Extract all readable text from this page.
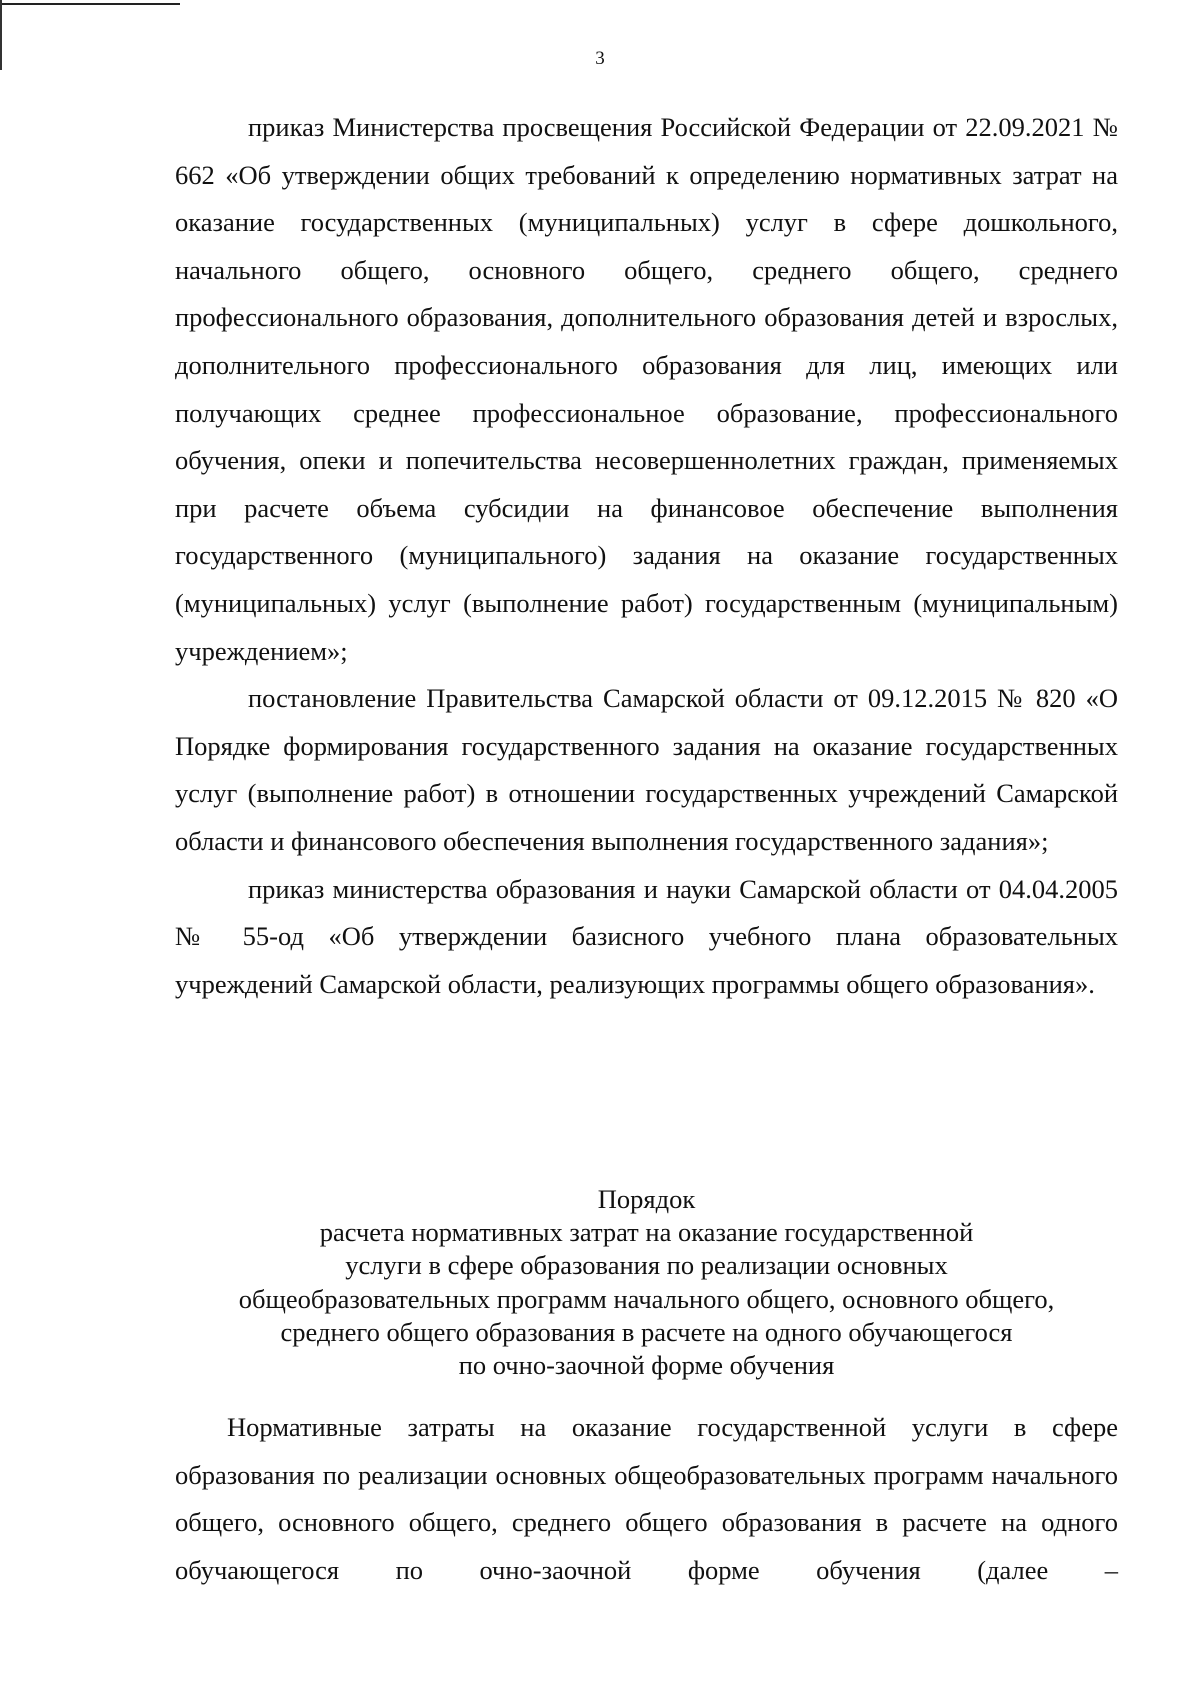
3

приказ Министерства просвещения Российской Федерации от 22.09.2021 № 662 «Об утверждении общих требований к определению нормативных затрат на оказание государственных (муниципальных) услуг в сфере дошкольного, начального общего, основного общего, среднего общего, среднего профессионального образования, дополнительного образования детей и взрослых, дополнительного профессионального образования для лиц, имеющих или получающих среднее профессиональное образование, профессионального обучения, опеки и попечительства несовершеннолетних граждан, применяемых при расчете объема субсидии на финансовое обеспечение выполнения государственного (муниципального) задания на оказание государственных (муниципальных) услуг (выполнение работ) государственным (муниципальным) учреждением»;

постановление Правительства Самарской области от 09.12.2015 № 820 «О Порядке формирования государственного задания на оказание государственных услуг (выполнение работ) в отношении государственных учреждений Самарской области и финансового обеспечения выполнения государственного задания»;

приказ министерства образования и науки Самарской области от 04.04.2005 № 55-од «Об утверждении базисного учебного плана образовательных учреждений Самарской области, реализующих программы общего образования».

Порядок
расчета нормативных затрат на оказание государственной
услуги в сфере образования по реализации основных
общеобразовательных программ начального общего, основного общего,
среднего общего образования в расчете на одного обучающегося
по очно-заочной форме обучения

Нормативные затраты на оказание государственной услуги в сфере образования по реализации основных общеобразовательных программ начального общего, основного общего, среднего общего образования в расчете на одного обучающегося по очно-заочной форме обучения (далее –
